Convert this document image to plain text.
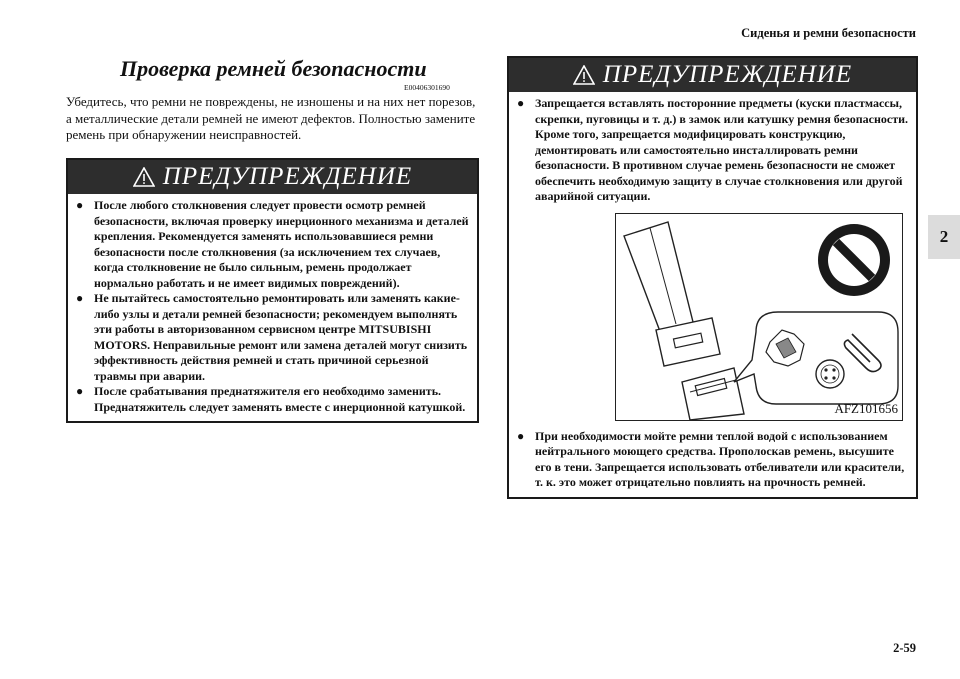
Сиденья и ремни безопасности
2
2-59
Проверка ремней безопасности
E00406301690
Убедитесь, что ремни не повреждены, не изношены и на них нет порезов, а металлические детали ремней не имеют дефектов. Полностью замените ремень при обнаружении неисправностей.
ПРЕДУПРЕЖДЕНИЕ
● После любого столкновения следует провести осмотр ремней безопасности, включая проверку инерционного механизма и деталей крепления. Рекомендуется заменять использовавшиеся ремни безопасности после столкновения (за исключением тех случаев, когда столкновение не было сильным, ремень продолжает нормально работать и не имеет видимых повреждений).
● Не пытайтесь самостоятельно ремонтировать или заменять какие-либо узлы и детали ремней безопасности; рекомендуем выполнять эти работы в авторизованном сервисном центре MITSUBISHI MOTORS. Неправильные ремонт или замена деталей могут снизить эффективность действия ремней и стать причиной серьезной травмы при аварии.
● После срабатывания преднатяжителя его необходимо заменить. Преднатяжитель следует заменять вместе с инерционной катушкой.
ПРЕДУПРЕЖДЕНИЕ
● Запрещается вставлять посторонние предметы (куски пластмассы, скрепки, пуговицы и т. д.) в замок или катушку ремня безопасности. Кроме того, запрещается модифицировать конструкцию, демонтировать или самостоятельно инсталлировать ремни безопасности. В противном случае ремень безопасности не сможет обеспечить необходимую защиту в случае столкновения или другой аварийной ситуации.
AFZ101656
● При необходимости мойте ремни теплой водой с использованием нейтрального моющего средства. Прополоскав ремень, высушите его в тени. Запрещается использовать отбеливатели или красители, т. к. это может отрицательно повлиять на прочность ремней.
